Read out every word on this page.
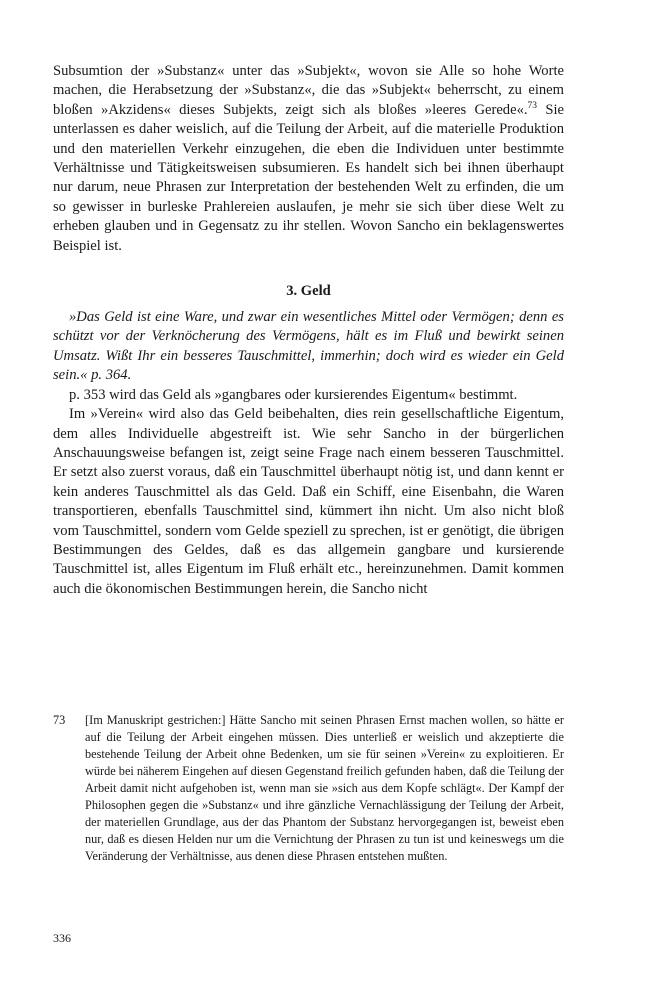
Subsumtion der »Substanz« unter das »Subjekt«, wovon sie Alle so hohe Worte machen, die Herabsetzung der »Substanz«, die das »Subjekt« beherrscht, zu einem bloßen »Akzidens« dieses Subjekts, zeigt sich als bloßes »leeres Gerede«.$^{73}$ Sie unterlassen es daher weislich, auf die Teilung der Arbeit, auf die materielle Produktion und den materiellen Verkehr einzugehen, die eben die Individuen unter bestimmte Verhältnisse und Tätigkeitsweisen subsumieren. Es handelt sich bei ihnen überhaupt nur darum, neue Phrasen zur Interpretation der bestehenden Welt zu erfinden, die um so gewisser in burleske Prahlereien auslaufen, je mehr sie sich über diese Welt zu erheben glauben und in Gegensatz zu ihr stellen. Wovon Sancho ein beklagenswertes Beispiel ist.

3. Geld

»Das Geld ist eine Ware, und zwar ein wesentliches Mittel oder Vermögen; denn es schützt vor der Verknöcherung des Vermögens, hält es im Fluß und bewirkt seinen Umsatz. Wißt Ihr ein besseres Tauschmittel, immerhin; doch wird es wieder ein Geld sein.« p. 364.

p. 353 wird das Geld als »gangbares oder kursierendes Eigentum« bestimmt.

Im »Verein« wird also das Geld beibehalten, dies rein gesellschaftliche Eigentum, dem alles Individuelle abgestreift ist. Wie sehr Sancho in der bürgerlichen Anschauungsweise befangen ist, zeigt seine Frage nach einem besseren Tauschmittel. Er setzt also zuerst voraus, daß ein Tauschmittel überhaupt nötig ist, und dann kennt er kein anderes Tauschmittel als das Geld. Daß ein Schiff, eine Eisenbahn, die Waren transportieren, ebenfalls Tauschmittel sind, kümmert ihn nicht. Um also nicht bloß vom Tauschmittel, sondern vom Gelde speziell zu sprechen, ist er genötigt, die übrigen Bestimmungen des Geldes, daß es das allgemein gangbare und kursierende Tauschmittel ist, alles Eigentum im Fluß erhält etc., hereinzunehmen. Damit kommen auch die ökonomischen Bestimmungen herein, die Sancho nicht

73	[Im Manuskript gestrichen:] Hätte Sancho mit seinen Phrasen Ernst machen wollen, so hätte er auf die Teilung der Arbeit eingehen müssen. Dies unterließ er weislich und akzeptierte die bestehende Teilung der Arbeit ohne Bedenken, um sie für seinen »Verein« zu exploitieren. Er würde bei näherem Eingehen auf diesen Gegenstand freilich gefunden haben, daß die Teilung der Arbeit damit nicht aufgehoben ist, wenn man sie »sich aus dem Kopfe schlägt«. Der Kampf der Philosophen gegen die »Substanz« und ihre gänzliche Vernachlässigung der Teilung der Arbeit, der materiellen Grundlage, aus der das Phantom der Substanz hervorgegangen ist, beweist eben nur, daß es diesen Helden nur um die Vernichtung der Phrasen zu tun ist und keineswegs um die Veränderung der Verhältnisse, aus denen diese Phrasen entstehen mußten.

336
